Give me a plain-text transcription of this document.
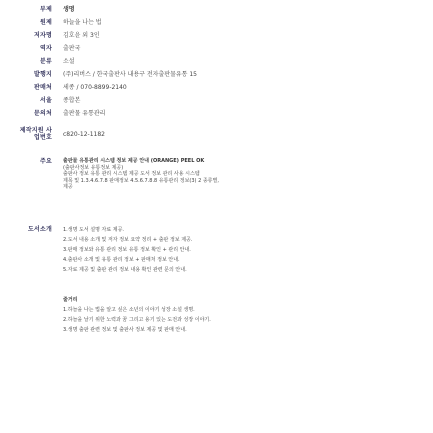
부제 생명
원제 하늘을 나는 법
저자명 김호윤 외 3인
역자 출판국
분류 소설
발행지 (주)리버스 / 한국출판사 내용구 전자출판물유통 15
판매처 세종 / 070-8899-2140
서울 종합본
문의처 출판물 유통관리
제작지원 사업번호 c820-12-1182
주요 출판물 유통관리 시스템 정보 제공 안내 (ORANGE) PEEL OK
(출판사정보 유통정보 제공)
출판사 정보 유통 관리 시스템 제공 도서 정보 관리 사용 시스템
제목 및 1.3.4.6.7.8 판매정보 4.5.6.7.8.8 유통관리 정보(3) 2 종류별,
제공
도서소개 1.생명 도서 설명 자료 제공.
2.도서 내용 소개 및 저자 정보 요약 정리 + 출판 정보 제공.
3.판매 정보와 유통 관리 정보 유통 정보 확인 + 관리 안내.
4.출판사 소개 및 유통 관리 정보 + 판매처 정보 안내.
5.자료 제공 및 출판 관리 정보 내용 확인 관련 문의 안내.
줄거리
1.하늘을 나는 법을 알고 싶은 소년의 이야기 성장 소설 생명.
2.하늘을 날기 위한 노력과 꿈 그리고 용기 있는 도전과 성장 이야기.
3.생명 출판 관련 정보 및 출판사 정보 제공 및 판매 안내.
